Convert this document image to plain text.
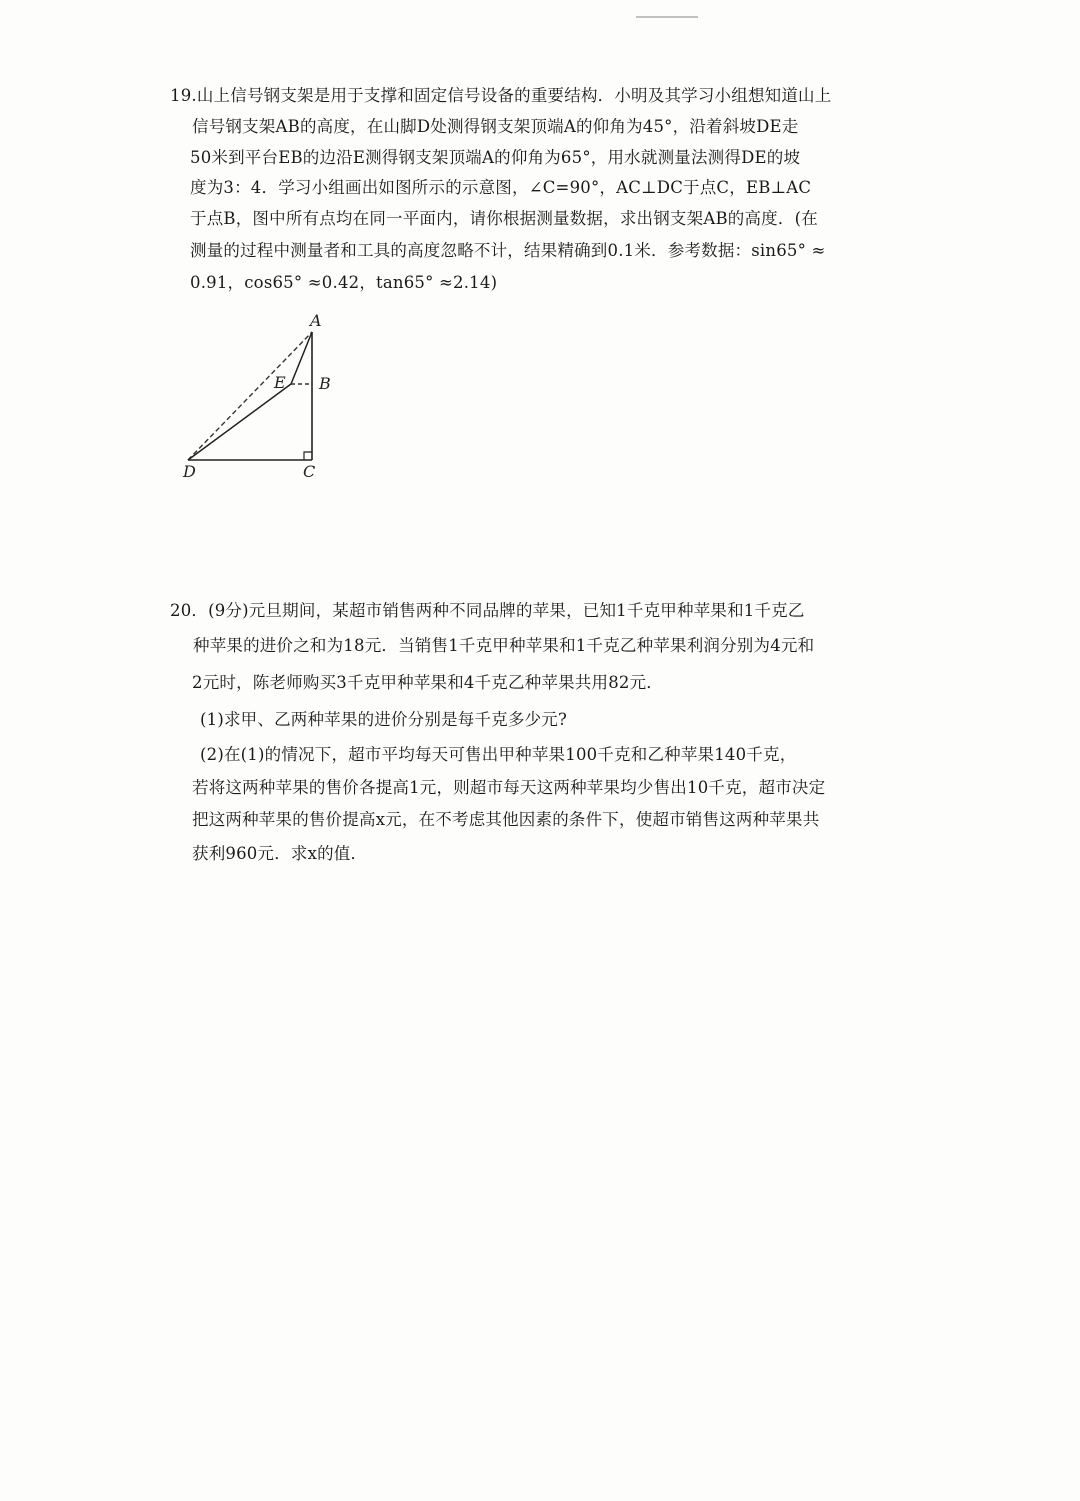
19.山上信号钢支架是用于支撑和固定信号设备的重要结构．小明及其学习小组想知道山上
信号钢支架AB的高度，在山脚D处测得钢支架顶端A的仰角为45°，沿着斜坡DE走
50米到平台EB的边沿E测得钢支架顶端A的仰角为65°，用水就测量法测得DE的坡
度为3：4．学习小组画出如图所示的示意图，∠C=90°，AC⊥DC于点C，EB⊥AC
于点B，图中所有点均在同一平面内，请你根据测量数据，求出钢支架AB的高度．(在
测量的过程中测量者和工具的高度忽略不计，结果精确到0.1米．参考数据：sin65° ≈
0.91，cos65° ≈0.42，tan65° ≈2.14)
A
E B
D	C
20．(9分)元旦期间，某超市销售两种不同品牌的苹果，已知1千克甲种苹果和1千克乙
种苹果的进价之和为18元．当销售1千克甲种苹果和1千克乙种苹果利润分别为4元和
2元时，陈老师购买3千克甲种苹果和4千克乙种苹果共用82元．
(1)求甲、乙两种苹果的进价分别是每千克多少元?
(2)在(1)的情况下，超市平均每天可售出甲种苹果100千克和乙种苹果140千克，
若将这两种苹果的售价各提高1元，则超市每天这两种苹果均少售出10千克，超市决定
把这两种苹果的售价提高x元，在不考虑其他因素的条件下，使超市销售这两种苹果共
获利960元．求x的值．
